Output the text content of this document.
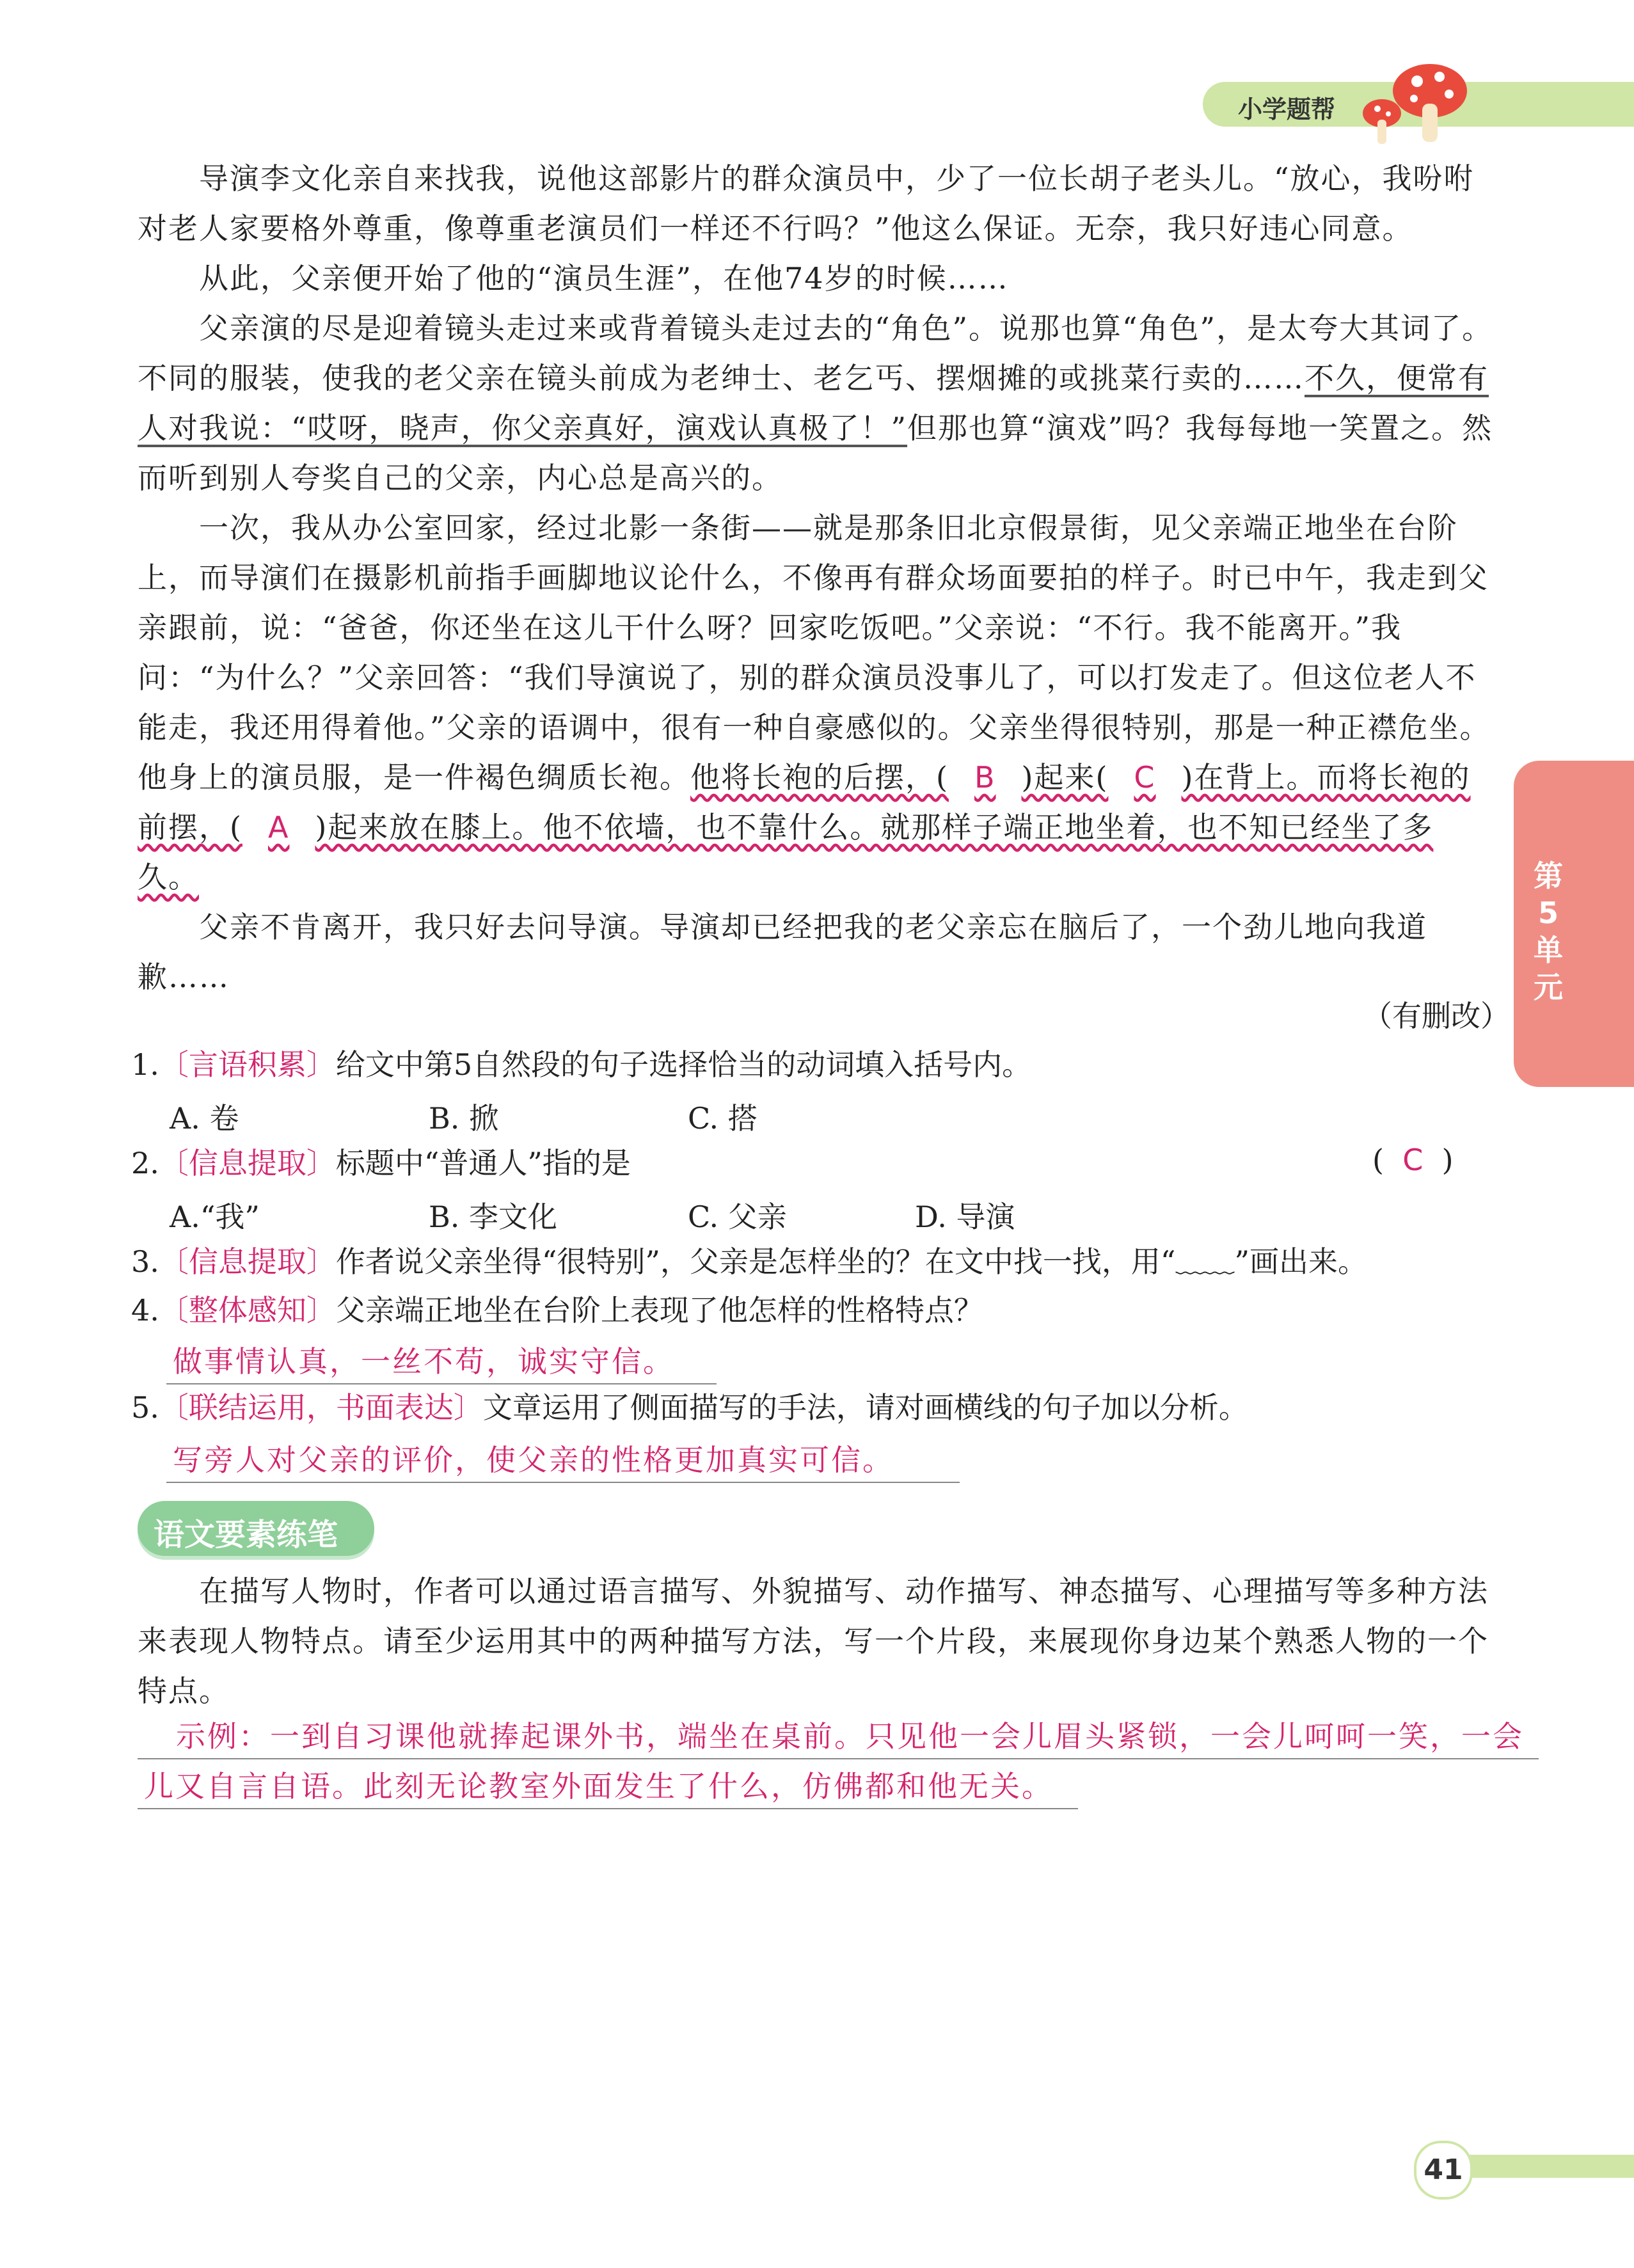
小学题帮
第5单元
导演李文化亲自来找我，说他这部影片的群众演员中，少了一位长胡子老头儿。“放心，我吩咐对老人家要格外尊重，像尊重老演员们一样还不行吗？”他这么保证。无奈，我只好违心同意。
从此，父亲便开始了他的“演员生涯”，在他74岁的时候……
父亲演的尽是迎着镜头走过来或背着镜头走过去的“角色”。说那也算“角色”，是太夸大其词了。不同的服装，使我的老父亲在镜头前成为老绅士、老乞丐、摆烟摊的或挑菜行卖的……不久，便常有人对我说：“哎呀，晓声，你父亲真好，演戏认真极了！”但那也算“演戏”吗？我每每地一笑置之。然而听到别人夸奖自己的父亲，内心总是高兴的。
一次，我从办公室回家，经过北影一条街——就是那条旧北京假景街，见父亲端正地坐在台阶上，而导演们在摄影机前指手画脚地议论什么，不像再有群众场面要拍的样子。时已中午，我走到父亲跟前，说：“爸爸，你还坐在这儿干什么呀？回家吃饭吧。”父亲说：“不行。我不能离开。”我问：“为什么？”父亲回答：“我们导演说了，别的群众演员没事儿了，可以打发走了。但这位老人不能走，我还用得着他。”父亲的语调中，很有一种自豪感似的。父亲坐得很特别，那是一种正襟危坐。他身上的演员服，是一件褐色绸质长袍。他将长袍的后摆，( B )起来( C )在背上。而将长袍的前摆，( A )起来放在膝上。他不依墙，也不靠什么。就那样子端正地坐着，也不知已经坐了多久。
父亲不肯离开，我只好去问导演。导演却已经把我的老父亲忘在脑后了，一个劲儿地向我道歉……
（有删改）
1.〔言语积累〕给文中第5自然段的句子选择恰当的动词填入括号内。
A. 卷	B. 掀	C. 搭
2.〔信息提取〕标题中“普通人”指的是	(  C  )
A.“我”	B. 李文化	C. 父亲	D. 导演
3.〔信息提取〕作者说父亲坐得“很特别”，父亲是怎样坐的？在文中找一找，用“﹏﹏”画出来。
4.〔整体感知〕父亲端正地坐在台阶上表现了他怎样的性格特点？
做事情认真，一丝不苟，诚实守信。
5.〔联结运用，书面表达〕文章运用了侧面描写的手法，请对画横线的句子加以分析。
写旁人对父亲的评价，使父亲的性格更加真实可信。
语文要素练笔
在描写人物时，作者可以通过语言描写、外貌描写、动作描写、神态描写、心理描写等多种方法来表现人物特点。请至少运用其中的两种描写方法，写一个片段，来展现你身边某个熟悉人物的一个特点。
示例：一到自习课他就捧起课外书，端坐在桌前。只见他一会儿眉头紧锁，一会儿呵呵一笑，一会
儿又自言自语。此刻无论教室外面发生了什么，仿佛都和他无关。
41
